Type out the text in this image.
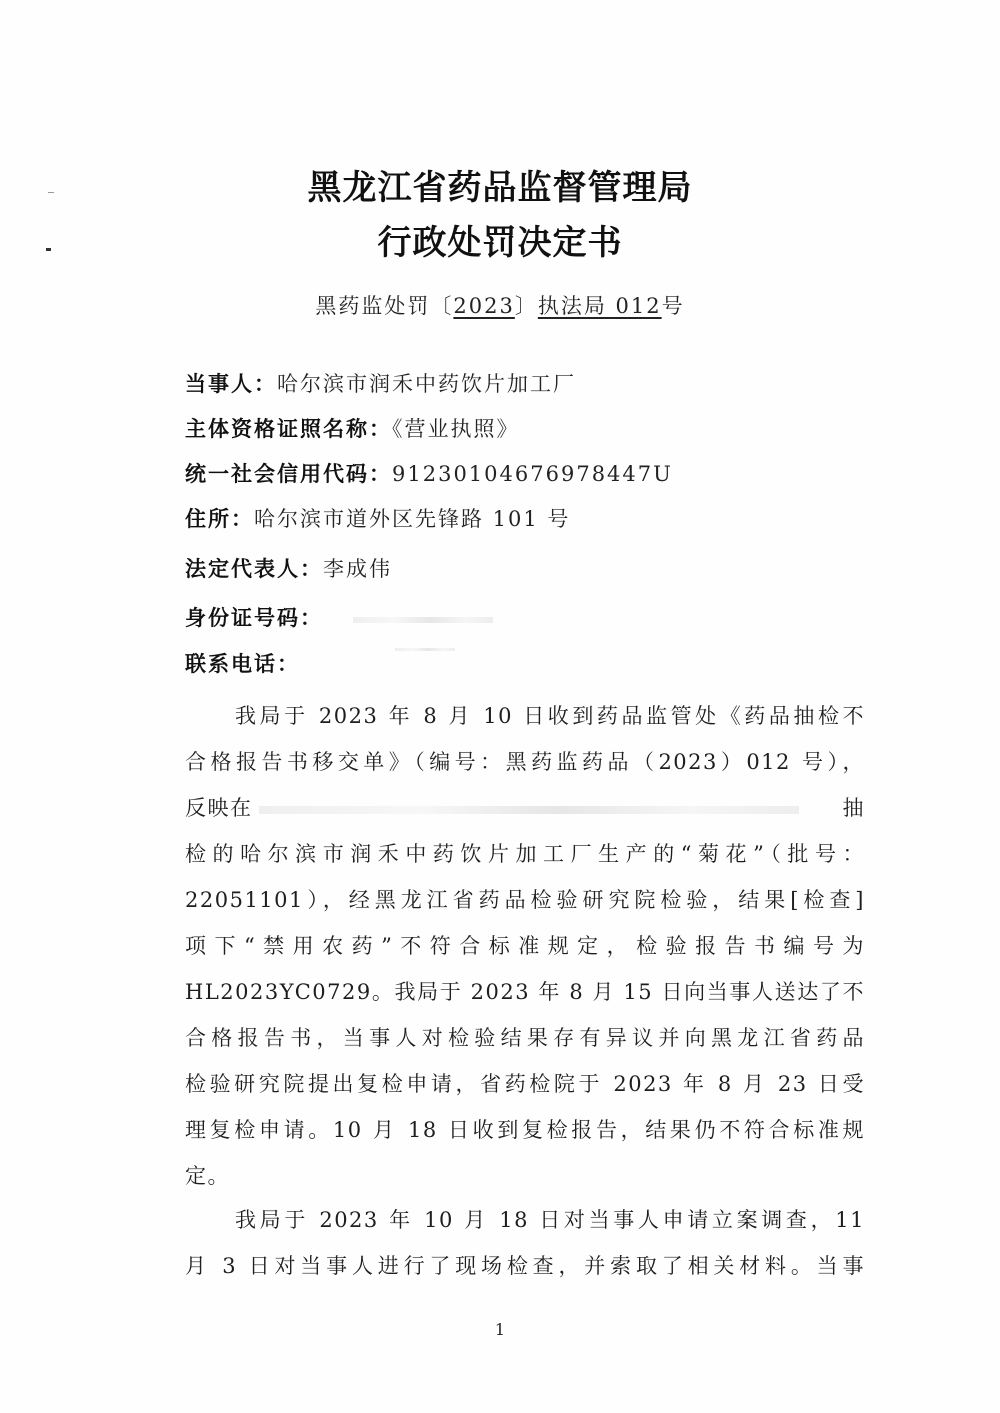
黑龙江省药品监督管理局
行政处罚决定书
黑药监处罚〔2023〕执法局 012号
当事人：哈尔滨市润禾中药饮片加工厂
主体资格证照名称：《营业执照》
统一社会信用代码：91230104676978447U
住所：哈尔滨市道外区先锋路 101 号
法定代表人：李成伟
身份证号码：
联系电话：
我局于 2023 年 8 月 10 日收到药品监管处《药品抽检不
合格报告书移交单》（编号：黑药监药品（2023）012 号），
反映在	抽
检的哈尔滨市润禾中药饮片加工厂生产的“菊花”（批号：
22051101），经黑龙江省药品检验研究院检验，结果[检查]
项下“禁用农药”不符合标准规定，检验报告书编号为
HL2023YC0729。我局于 2023 年 8 月 15 日向当事人送达了不
合格报告书，当事人对检验结果存有异议并向黑龙江省药品
检验研究院提出复检申请，省药检院于 2023 年 8 月 23 日受
理复检申请。10 月 18 日收到复检报告，结果仍不符合标准规
定。
我局于 2023 年 10 月 18 日对当事人申请立案调查，11
月 3 日对当事人进行了现场检查，并索取了相关材料。当事
1
